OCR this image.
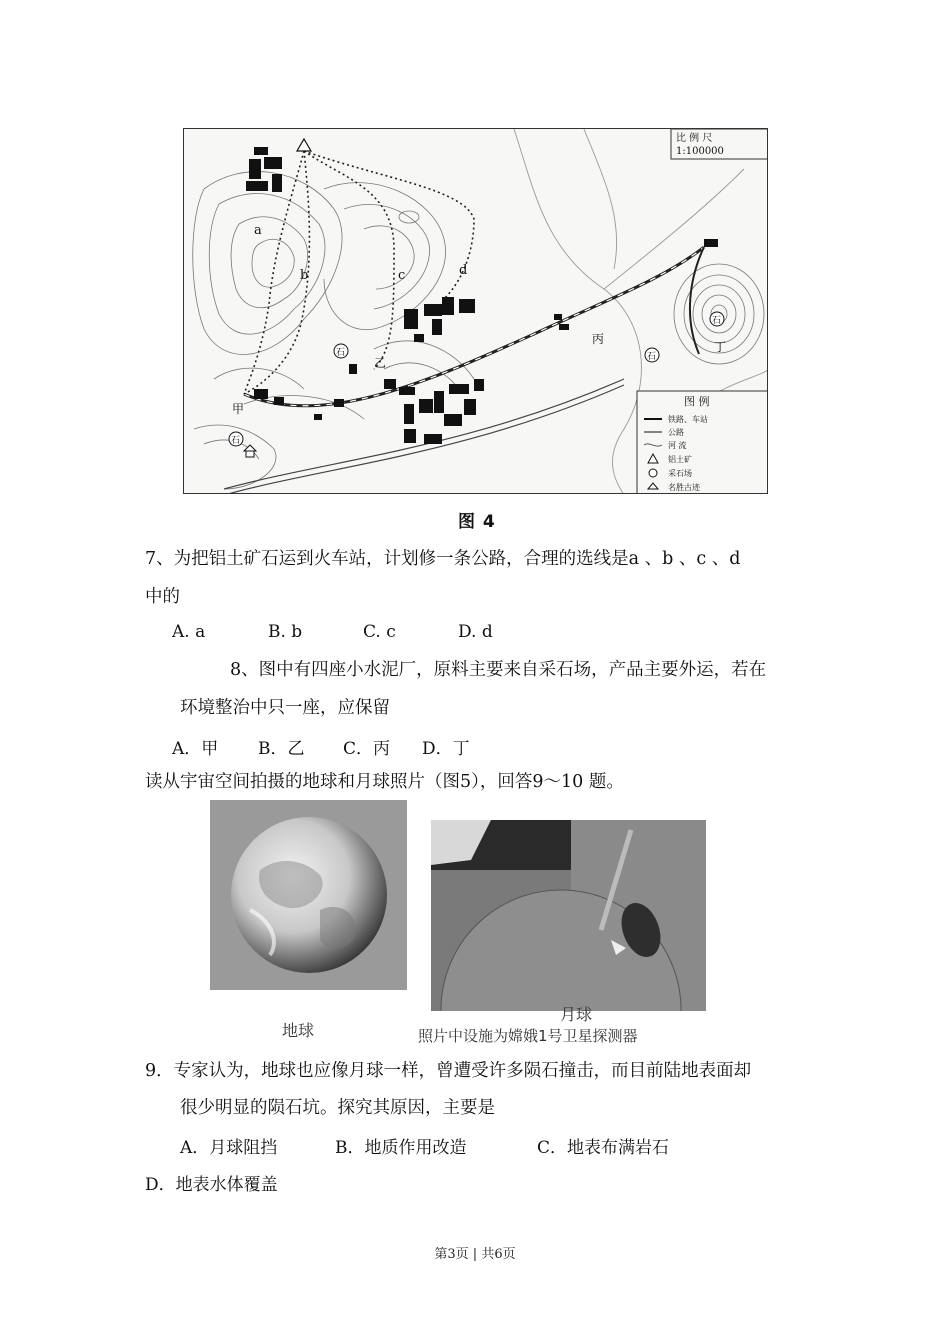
a
b	c	d
甲
乙
丙
丁
石
石
石
石
比 例 尺
1:100000
图 例
铁路、车站
公路
河 流
铝土矿
采石场
名胜古迹
图 4
7、为把铝土矿石运到火车站，计划修一条公路，合理的选线是a 、b 、c 、d
中的
A. a	B. b	C. c	D. d
8、图中有四座小水泥厂，原料主要来自采石场，产品主要外运，若在
环境整治中只一座，应保留
A．甲 B．乙 C．丙 D．丁
读从宇宙空间拍摄的地球和月球照片（图5），回答9～10 题。
地球
月球
照片中设施为嫦娥1号卫星探测器
9．专家认为，地球也应像月球一样，曾遭受许多陨石撞击，而目前陆地表面却
很少明显的陨石坑。探究其原因，主要是
A．月球阻挡	B．地质作用改造	C．地表布满岩石
D．地表水体覆盖
第3页 | 共6页
